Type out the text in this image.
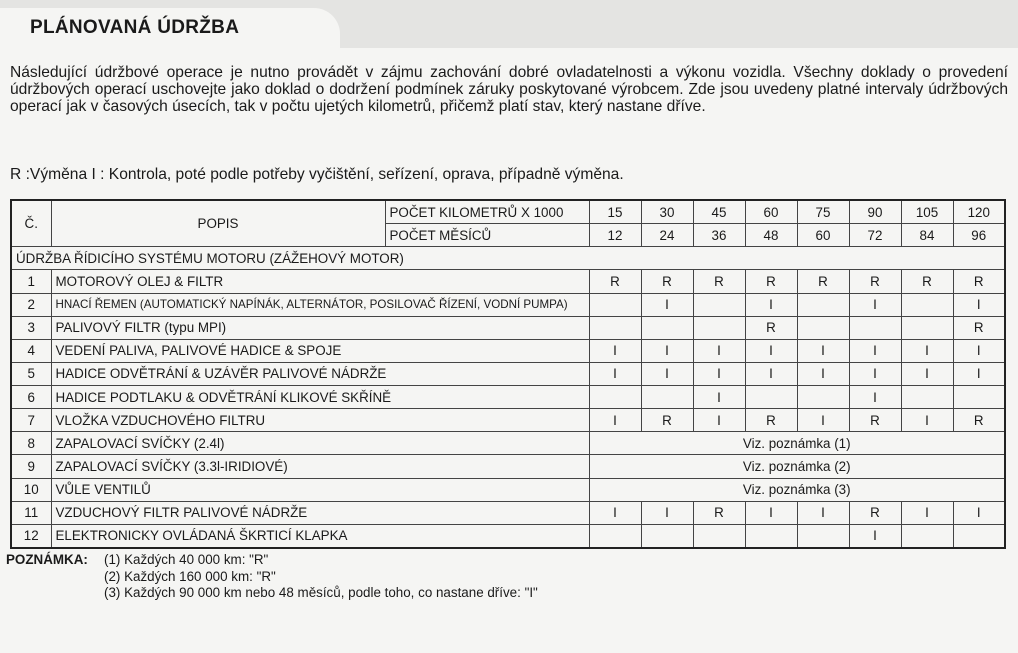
PLÁNOVANÁ ÚDRŽBA

Následující údržbové operace je nutno provádět v zájmu zachování dobré ovladatelnosti a výkonu vozidla. Všechny doklady o provedení údržbových operací uschovejte jako doklad o dodržení podmínek záruky poskytované výrobcem. Zde jsou uvedeny platné intervaly údržbových operací jak v časových úsecích, tak v počtu ujetých kilometrů, přičemž platí stav, který nastane dříve.

R :Výměna I : Kontrola, poté podle potřeby vyčištění, seřízení, oprava, případně výměna.

Č.	POPIS	POČET KILOMETRŮ X 1000	15	30	45	60	75	90	105	120
		POČET MĚSÍCŮ	12	24	36	48	60	72	84	96
ÚDRŽBA ŘÍDICÍHO SYSTÉMU MOTORU (ZÁŽEHOVÝ MOTOR)										
1	MOTOROVÝ OLEJ & FILTR		R	R	R	R	R	R	R	R
2	HNACÍ ŘEMEN (AUTOMATICKÝ NAPÍNÁK, ALTERNÁTOR, POSILOVAČ ŘÍZENÍ, VODNÍ PUMPA)			I		I		I		I
3	PALIVOVÝ FILTR (typu MPI)					R				R
4	VEDENÍ PALIVA, PALIVOVÉ HADICE & SPOJE		I	I	I	I	I	I	I	I
5	HADICE ODVĚTRÁNÍ & UZÁVĚR PALIVOVÉ NÁDRŽE		I	I	I	I	I	I	I	I
6	HADICE PODTLAKU & ODVĚTRÁNÍ KLIKOVÉ SKŘÍNĚ				I			I		
7	VLOŽKA VZDUCHOVÉHO FILTRU		I	R	I	R	I	R	I	R
8	ZAPALOVACÍ SVÍČKY (2.4l)		Viz. poznámka (1)							
9	ZAPALOVACÍ SVÍČKY (3.3l-IRIDIOVÉ)		Viz. poznámka (2)							
10	VŮLE VENTILŮ		Viz. poznámka (3)							
11	VZDUCHOVÝ FILTR PALIVOVÉ NÁDRŽE		I	I	R	I	I	R	I	I
12	ELEKTRONICKY OVLÁDANÁ ŠKRTICÍ KLAPKA							I		
POZNÁMKA:	(1) Každých 40 000 km: "R"
(2) Každých 160 000 km: "R"
(3) Každých 90 000 km nebo 48 měsíců, podle toho, co nastane dříve: "I"
